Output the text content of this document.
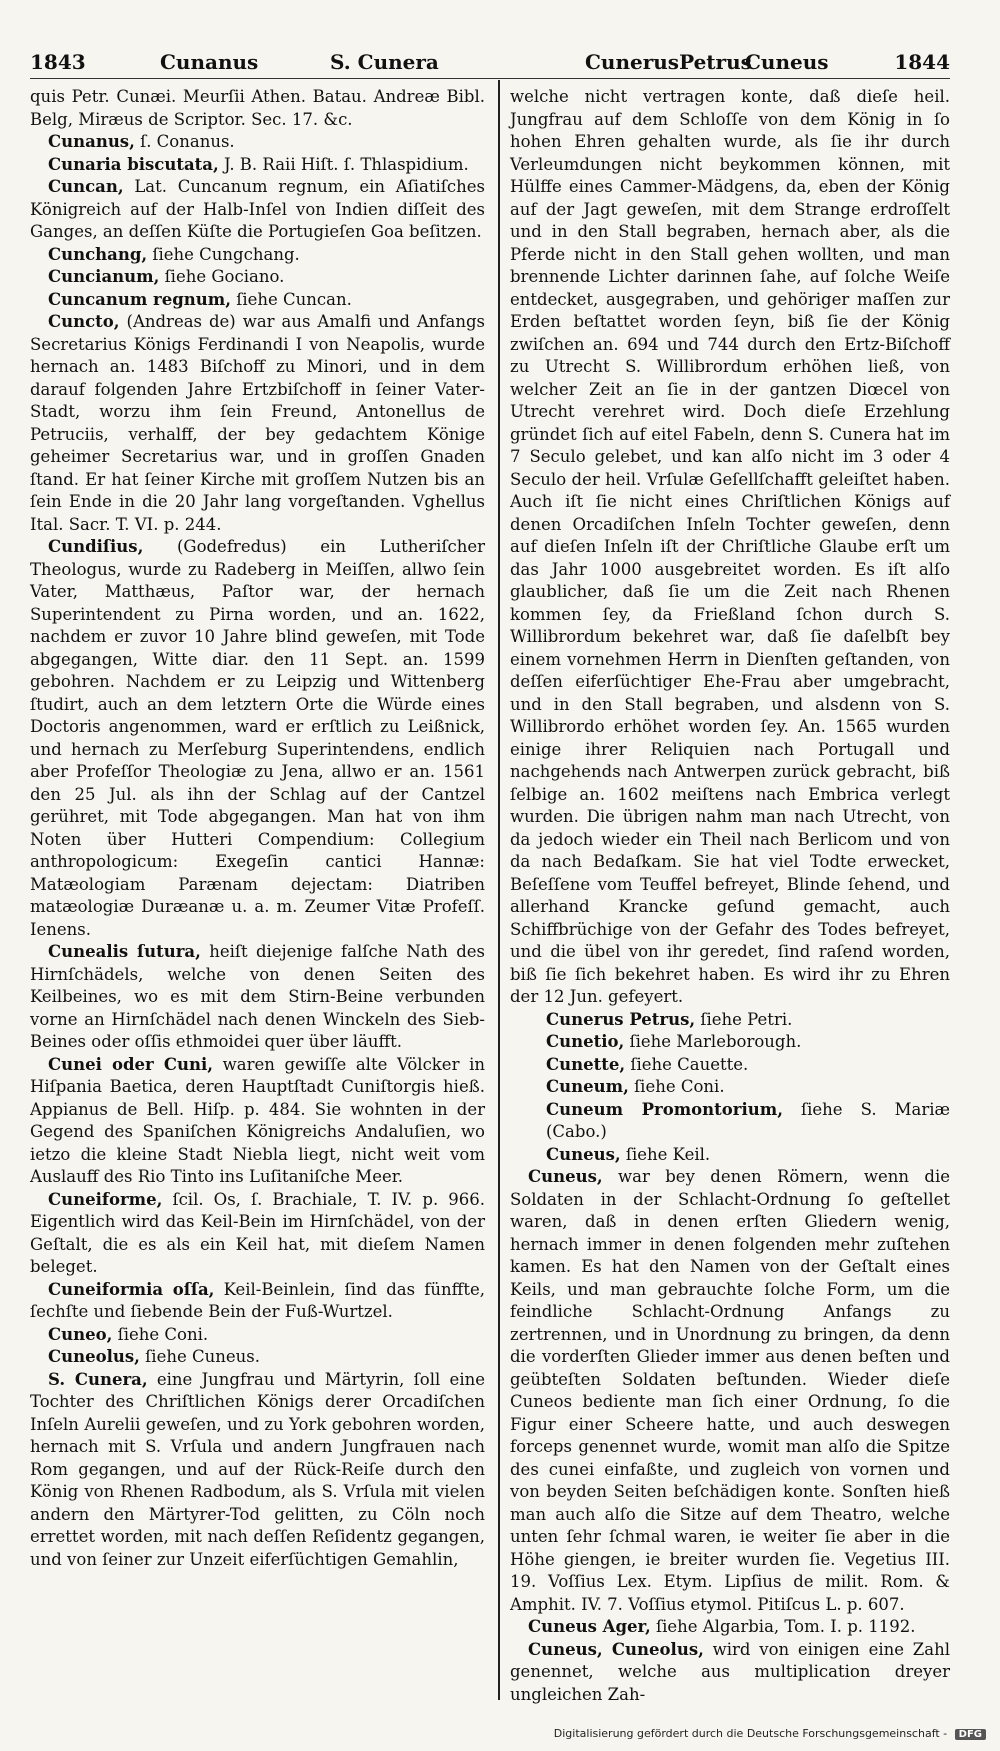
1843	Cunanus	S. Cunera	CunerusPetrus
Cuneus	1844

quis Petr. Cunæi. Meurſii Athen. Batau. Andreæ Bibl. Belg, Miræus de Scriptor. Sec. 17. &c.

Cunanus, ſ. Conanus.

Cunaria biscutata, J. B. Raii Hiſt. ſ. Thlaspidium.

Cuncan, Lat. Cuncanum regnum, ein Aſiatiſches Königreich auf der Halb-Inſel von Indien diſſeit des Ganges, an deſſen Küſte die Portugieſen Goa beſitzen.

Cunchang, ſiehe Cungchang.

Cuncianum, ſiehe Gociano.

Cuncanum regnum, ſiehe Cuncan.

Cuncto, (Andreas de) war aus Amalfi und Anfangs Secretarius Königs Ferdinandi I von Neapolis, wurde hernach an. 1483 Biſchoff zu Minori, und in dem darauf folgenden Jahre Ertzbiſchoff in ſeiner Vater-Stadt, worzu ihm ſein Freund, Antonellus de Petruciis, verhalff, der bey gedachtem Könige geheimer Secretarius war, und in groſſen Gnaden ſtand. Er hat ſeiner Kirche mit groſſem Nutzen bis an ſein Ende in die 20 Jahr lang vorgeſtanden. Vghellus Ital. Sacr. T. VI. p. 244.

Cundiſius, (Godefredus) ein Lutheriſcher Theologus, wurde zu Radeberg in Meiſſen, allwo ſein Vater, Matthæus, Paſtor war, der hernach Superintendent zu Pirna worden, und an. 1622, nachdem er zuvor 10 Jahre blind geweſen, mit Tode abgegangen, Witte diar. den 11 Sept. an. 1599 gebohren. Nachdem er zu Leipzig und Wittenberg ſtudirt, auch an dem letztern Orte die Würde eines Doctoris angenommen, ward er erſtlich zu Leißnick, und hernach zu Merſeburg Superintendens, endlich aber Profeſſor Theologiæ zu Jena, allwo er an. 1561 den 25 Jul. als ihn der Schlag auf der Cantzel gerühret, mit Tode abgegangen. Man hat von ihm Noten über Hutteri Compendium: Collegium anthropologicum: Exegeſin cantici Hannæ: Matæologiam Parænam dejectam: Diatriben matæologiæ Duræanæ u. a. m. Zeumer Vitæ Profeſſ. Ienens.

Cunealis ſutura, heiſt diejenige falſche Nath des Hirnſchädels, welche von denen Seiten des Keilbeines, wo es mit dem Stirn-Beine verbunden vorne an Hirnſchädel nach denen Winckeln des Sieb-Beines oder oſſis ethmoidei quer über läufft.

Cunei oder Cuni, waren gewiſſe alte Völcker in Hiſpania Baetica, deren Hauptſtadt Cuniſtorgis hieß. Appianus de Bell. Hiſp. p. 484. Sie wohnten in der Gegend des Spaniſchen Königreichs Andaluſien, wo ietzo die kleine Stadt Niebla liegt, nicht weit vom Auslauff des Rio Tinto ins Luſitaniſche Meer.

Cuneiforme, ſcil. Os, ſ. Brachiale, T. IV. p. 966. Eigentlich wird das Keil-Bein im Hirnſchädel, von der Geſtalt, die es als ein Keil hat, mit dieſem Namen beleget.

Cuneiformia oſſa, Keil-Beinlein, ſind das fünffte, ſechſte und ſiebende Bein der Fuß-Wurtzel.

Cuneo, ſiehe Coni.

Cuneolus, ſiehe Cuneus.

S. Cunera, eine Jungfrau und Märtyrin, ſoll eine Tochter des Chriſtlichen Königs derer Orcadiſchen Inſeln Aurelii geweſen, und zu York gebohren worden, hernach mit S. Vrſula und andern Jungfrauen nach Rom gegangen, und auf der Rück-Reiſe durch den König von Rhenen Radbodum, als S. Vrſula mit vielen andern den Märtyrer-Tod gelitten, zu Cöln noch errettet worden, mit nach deſſen Reſidentz gegangen, und von ſeiner zur Unzeit eiferſüchtigen Gemahlin,

welche nicht vertragen konte, daß dieſe heil. Jungfrau auf dem Schloſſe von dem König in ſo hohen Ehren gehalten wurde, als ſie ihr durch Verleumdungen nicht beykommen können, mit Hülffe eines Cammer-Mädgens, da, eben der König auf der Jagt geweſen, mit dem Strange erdroſſelt und in den Stall begraben, hernach aber, als die Pferde nicht in den Stall gehen wollten, und man brennende Lichter darinnen ſahe, auf ſolche Weiſe entdecket, ausgegraben, und gehöriger maſſen zur Erden beſtattet worden ſeyn, biß ſie der König zwiſchen an. 694 und 744 durch den Ertz-Biſchoff zu Utrecht S. Willibrordum erhöhen ließ, von welcher Zeit an ſie in der gantzen Diœcel von Utrecht verehret wird. Doch dieſe Erzehlung gründet ſich auf eitel Fabeln, denn S. Cunera hat im 7 Seculo gelebet, und kan alſo nicht im 3 oder 4 Seculo der heil. Vrſulæ Geſellſchafft geleiſtet haben. Auch iſt ſie nicht eines Chriſtlichen Königs auf denen Orcadiſchen Inſeln Tochter geweſen, denn auf dieſen Inſeln iſt der Chriſtliche Glaube erſt um das Jahr 1000 ausgebreitet worden. Es iſt alſo glaublicher, daß ſie um die Zeit nach Rhenen kommen ſey, da Frießland ſchon durch S. Willibrordum bekehret war, daß ſie daſelbſt bey einem vornehmen Herrn in Dienſten geſtanden, von deſſen eiferſüchtiger Ehe-Frau aber umgebracht, und in den Stall begraben, und alsdenn von S. Willibrordo erhöhet worden ſey. An. 1565 wurden einige ihrer Reliquien nach Portugall und nachgehends nach Antwerpen zurück gebracht, biß ſelbige an. 1602 meiſtens nach Embrica verlegt wurden. Die übrigen nahm man nach Utrecht, von da jedoch wieder ein Theil nach Berlicom und von da nach Bedaſkam. Sie hat viel Todte erwecket, Beſeſſene vom Teuffel befreyet, Blinde ſehend, und allerhand Krancke geſund gemacht, auch Schiffbrüchige von der Gefahr des Todes befreyet, und die übel von ihr geredet, ſind raſend worden, biß ſie ſich bekehret haben. Es wird ihr zu Ehren der 12 Jun. gefeyert.

Cunerus Petrus, ſiehe Petri.

Cunetio, ſiehe Marleborough.

Cunette, ſiehe Cauette.

Cuneum, ſiehe Coni.

Cuneum Promontorium, ſiehe S. Mariæ (Cabo.)

Cuneus, ſiehe Keil.

Cuneus, war bey denen Römern, wenn die Soldaten in der Schlacht-Ordnung ſo geſtellet waren, daß in denen erſten Gliedern wenig, hernach immer in denen folgenden mehr zuſtehen kamen. Es hat den Namen von der Geſtalt eines Keils, und man gebrauchte ſolche Form, um die feindliche Schlacht-Ordnung Anfangs zu zertrennen, und in Unordnung zu bringen, da denn die vorderſten Glieder immer aus denen beſten und geübteſten Soldaten beſtunden. Wieder dieſe Cuneos bediente man ſich einer Ordnung, ſo die Figur einer Scheere hatte, und auch deswegen forceps genennet wurde, womit man alſo die Spitze des cunei einfaßte, und zugleich von vornen und von beyden Seiten beſchädigen konte. Sonſten hieß man auch alſo die Sitze auf dem Theatro, welche unten ſehr ſchmal waren, ie weiter ſie aber in die Höhe giengen, ie breiter wurden ſie. Vegetius III. 19. Voſſius Lex. Etym. Lipſius de milit. Rom. & Amphit. IV. 7. Voſſius etymol. Pitiſcus L. p. 607.

Cuneus Ager, ſiehe Algarbia, Tom. I. p. 1192.

Cuneus, Cuneolus, wird von einigen eine Zahl genennet, welche aus multiplication dreyer ungleichen Zah-

Digitalisierung gefördert durch die Deutsche Forschungsgemeinschaft - DFG
